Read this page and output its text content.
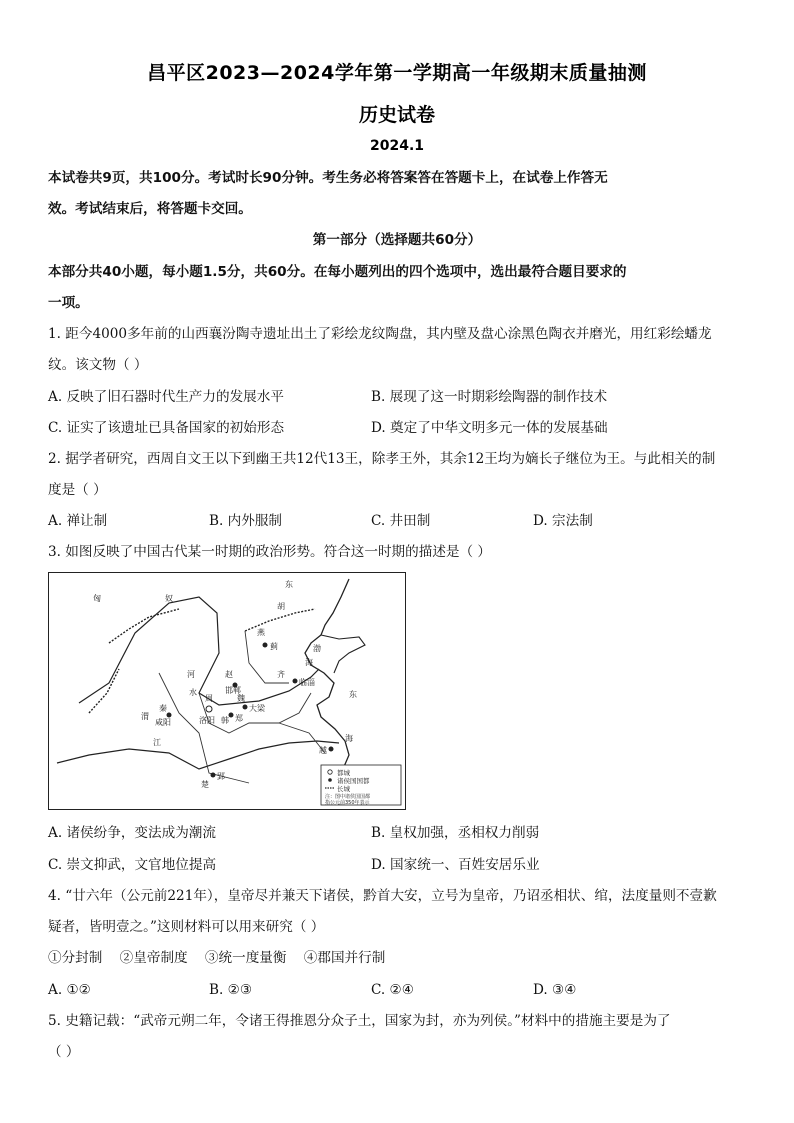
昌平区2023—2024学年第一学期高一年级期末质量抽测
历史试卷
2024.1
本试卷共9页，共100分。考试时长90分钟。考生务必将答案答在答题卡上，在试卷上作答无
效。考试结束后，将答题卡交回。
第一部分（选择题共60分）
本部分共40小题，每小题1.5分，共60分。在每小题列出的四个选项中，选出最符合题目要求的
一项。
1. 距今4000多年前的山西襄汾陶寺遗址出土了彩绘龙纹陶盘，其内壁及盘心涂黑色陶衣并磨光，用红彩绘蟠龙
纹。该文物（ ）
A. 反映了旧石器时代生产力的发展水平	B. 展现了这一时期彩绘陶器的制作技术
C. 证实了该遗址已具备国家的初始形态	D. 奠定了中华文明多元一体的发展基础
2. 据学者研究，西周自文王以下到幽王共12代13王，除孝王外，其余12王均为嫡长子继位为王。与此相关的制
度是（ ）
A. 禅让制	B. 内外服制	C. 井田制	D. 宗法制
3. 如图反映了中国古代某一时期的政治形势。符合这一时期的描述是（ ）
匈	奴
东
胡
燕
蓟	渤
海
赵
邯郸
齐
临淄
河
水
渭
秦
咸阳	洛阳
周	魏
大梁
韩 郑
东
海
江
楚
郢
越
都城
诸侯国国都
长城
注：图中诸侯国国都
指公元前350年表示
A. 诸侯纷争，变法成为潮流	B. 皇权加强，丞相权力削弱
C. 崇文抑武，文官地位提高	D. 国家统一、百姓安居乐业
4. “廿六年（公元前221年），皇帝尽并兼天下诸侯，黔首大安，立号为皇帝，乃诏丞相状、绾，法度量则不壹歉
疑者，皆明壹之。”这则材料可以用来研究（ ）
①分封制    ②皇帝制度    ③统一度量衡    ④郡国并行制
A. ①②	B. ②③	C. ②④	D. ③④
5. 史籍记载：“武帝元朔二年，令诸王得推恩分众子土，国家为封，亦为列侯。”材料中的措施主要是为了
（ ）
